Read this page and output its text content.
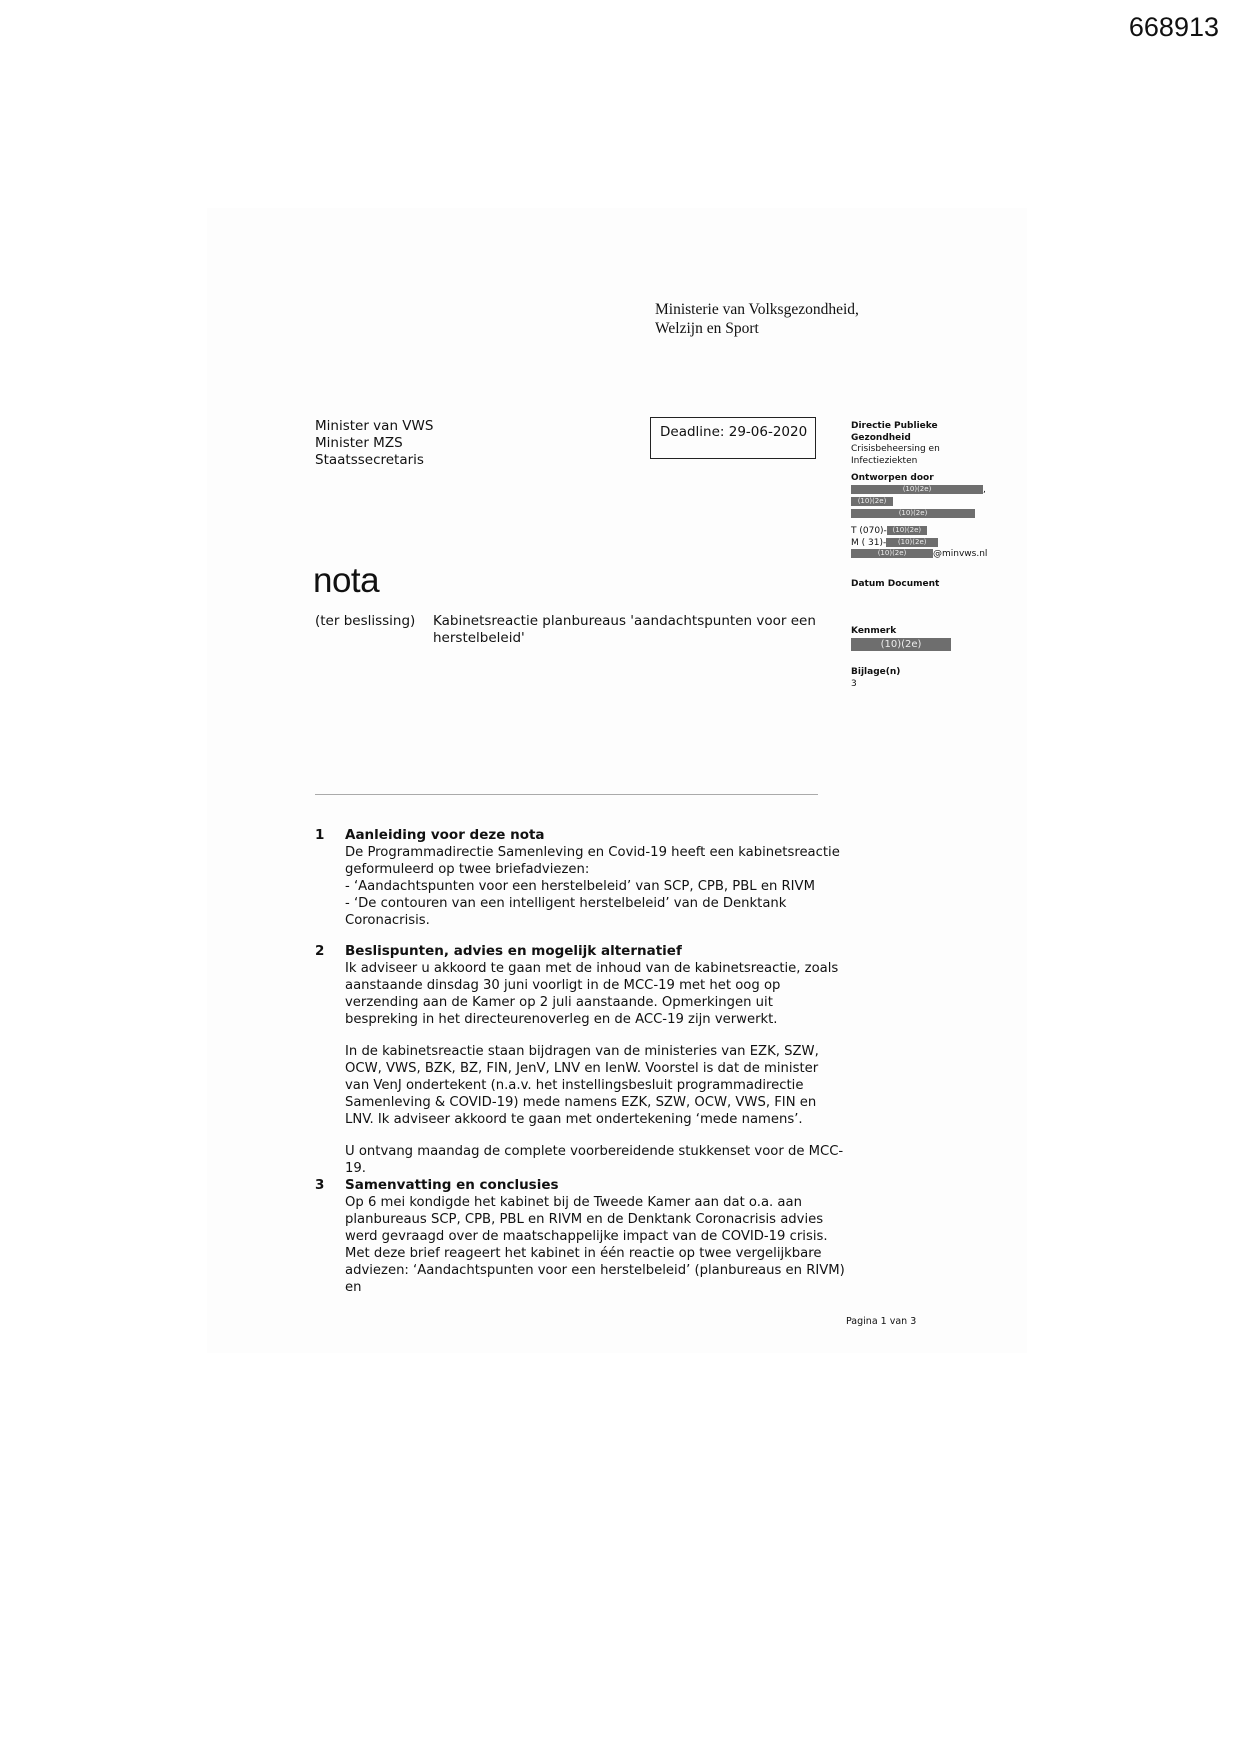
668913
Ministerie van Volksgezondheid,
Welzijn en Sport
Minister van VWS
Minister MZS
Staatssecretaris
Deadline: 29-06-2020	Directie Publieke
Gezondheid
Crisisbeheersing en
Infectieziekten
Ontworpen door
(10)(2e)	,
(10)(2e)
(10)(2e)
T (070)- (10)(2e)
M ( 31)- (10)(2e)
(10)(2e)	@minvws.nl
Datum Document
Kenmerk
(10)(2e)
Bijlage(n)
3
nota
(ter beslissing) Kabinetsreactie planbureaus 'aandachtspunten voor een herstelbeleid'
1 Aanleiding voor deze nota

De Programmadirectie Samenleving en Covid-19 heeft een kabinetsreactie geformuleerd op twee briefadviezen:

- ‘Aandachtspunten voor een herstelbeleid’ van SCP, CPB, PBL en RIVM

- ‘De contouren van een intelligent herstelbeleid’ van de Denktank Coronacrisis.

2 Beslispunten, advies en mogelijk alternatief

Ik adviseer u akkoord te gaan met de inhoud van de kabinetsreactie, zoals aanstaande dinsdag 30 juni voorligt in de MCC-19 met het oog op verzending aan de Kamer op 2 juli aanstaande. Opmerkingen uit bespreking in het directeurenoverleg en de ACC-19 zijn verwerkt.

In de kabinetsreactie staan bijdragen van de ministeries van EZK, SZW, OCW, VWS, BZK, BZ, FIN, JenV, LNV en IenW. Voorstel is dat de minister van VenJ ondertekent (n.a.v. het instellingsbesluit programmadirectie Samenleving & COVID-19) mede namens EZK, SZW, OCW, VWS, FIN en LNV. Ik adviseer akkoord te gaan met ondertekening ‘mede namens’.

U ontvang maandag de complete voorbereidende stukkenset voor de MCC-19.

3 Samenvatting en conclusies

Op 6 mei kondigde het kabinet bij de Tweede Kamer aan dat o.a. aan planbureaus SCP, CPB, PBL en RIVM en de Denktank Coronacrisis advies werd gevraagd over de maatschappelijke impact van de COVID-19 crisis. Met deze brief reageert het kabinet in één reactie op twee vergelijkbare adviezen: ‘Aandachtspunten voor een herstelbeleid’ (planbureaus en RIVM) en

Pagina 1 van 3
